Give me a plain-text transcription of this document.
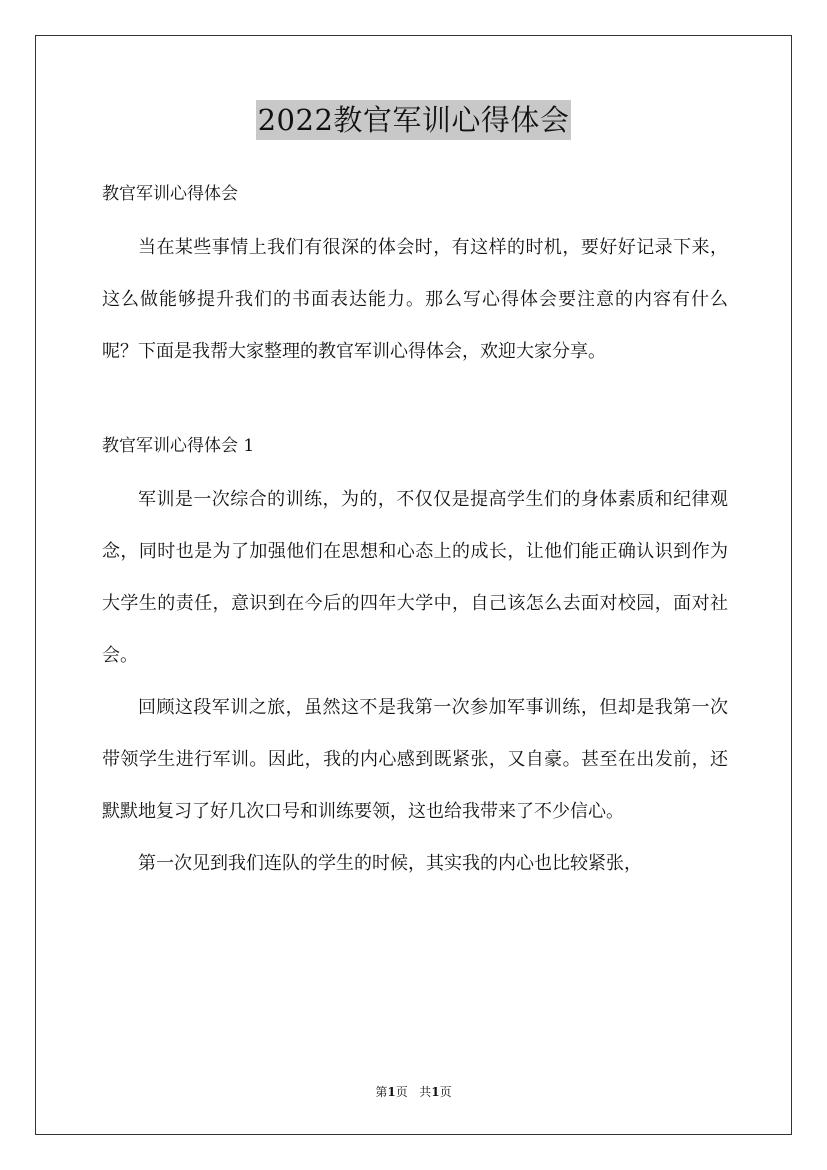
2022教官军训心得体会

教官军训心得体会

当在某些事情上我们有很深的体会时，有这样的时机，要好好记录下来，这么做能够提升我们的书面表达能力。那么写心得体会要注意的内容有什么呢？下面是我帮大家整理的教官军训心得体会，欢迎大家分享。

教官军训心得体会 1

军训是一次综合的训练，为的，不仅仅是提高学生们的身体素质和纪律观念，同时也是为了加强他们在思想和心态上的成长，让他们能正确认识到作为大学生的责任，意识到在今后的四年大学中，自己该怎么去面对校园，面对社会。

回顾这段军训之旅，虽然这不是我第一次参加军事训练，但却是我第一次带领学生进行军训。因此，我的内心感到既紧张，又自豪。甚至在出发前，还默默地复习了好几次口号和训练要领，这也给我带来了不少信心。

第一次见到我们连队的学生的时候，其实我的内心也比较紧张，

第1页   共1页
